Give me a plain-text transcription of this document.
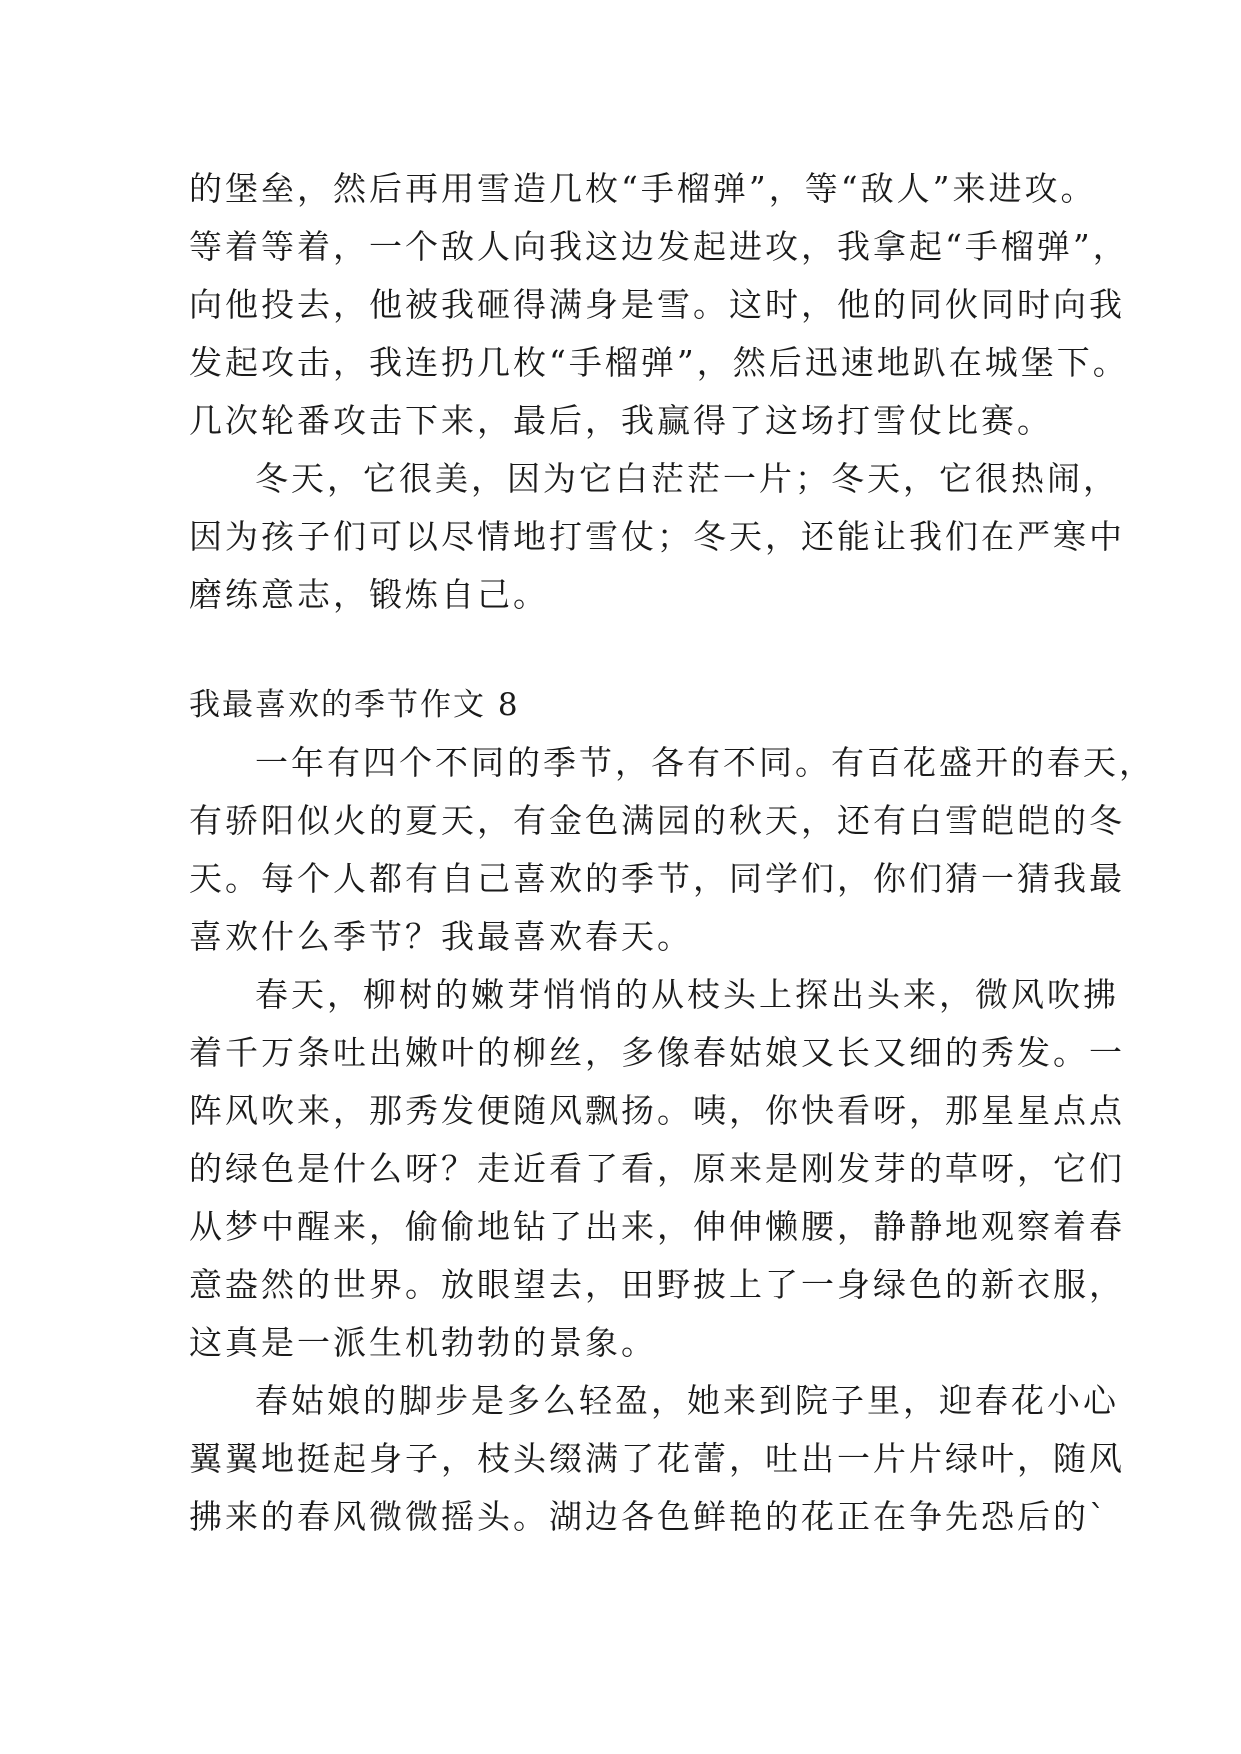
的堡垒，然后再用雪造几枚“手榴弹”，等“敌人”来进攻。
等着等着，一个敌人向我这边发起进攻，我拿起“手榴弹”，
向他投去，他被我砸得满身是雪。这时，他的同伙同时向我
发起攻击，我连扔几枚“手榴弹”，然后迅速地趴在城堡下。
几次轮番攻击下来，最后，我赢得了这场打雪仗比赛。
冬天，它很美，因为它白茫茫一片；冬天，它很热闹，
因为孩子们可以尽情地打雪仗；冬天，还能让我们在严寒中
磨练意志，锻炼自己。
我最喜欢的季节作文 8
一年有四个不同的季节，各有不同。有百花盛开的春天，
有骄阳似火的夏天，有金色满园的秋天，还有白雪皑皑的冬
天。每个人都有自己喜欢的季节，同学们，你们猜一猜我最
喜欢什么季节？我最喜欢春天。
春天，柳树的嫩芽悄悄的从枝头上探出头来，微风吹拂
着千万条吐出嫩叶的柳丝，多像春姑娘又长又细的秀发。一
阵风吹来，那秀发便随风飘扬。咦，你快看呀，那星星点点
的绿色是什么呀？走近看了看，原来是刚发芽的草呀，它们
从梦中醒来，偷偷地钻了出来，伸伸懒腰，静静地观察着春
意盎然的世界。放眼望去，田野披上了一身绿色的新衣服，
这真是一派生机勃勃的景象。
春姑娘的脚步是多么轻盈，她来到院子里，迎春花小心
翼翼地挺起身子，枝头缀满了花蕾，吐出一片片绿叶，随风
拂来的春风微微摇头。湖边各色鲜艳的花正在争先恐后的`
